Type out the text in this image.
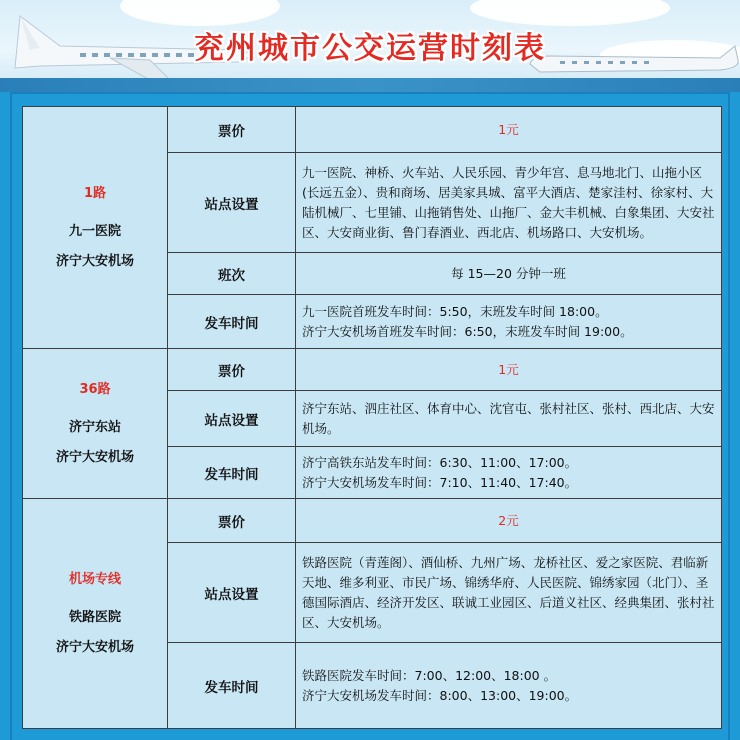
兖州城市公交运营时刻表
1路
九一医院
济宁大安机场	票价	1元
	站点设置	九一医院、神桥、火车站、人民乐园、青少年宫、息马地北门、山拖小区(长远五金）、贵和商场、居美家具城、富平大酒店、楚家洼村、徐家村、大陆机械厂、七里铺、山拖销售处、山拖厂、金大丰机械、白象集团、大安社区、大安商业街、鲁门春酒业、西北店、机场路口、大安机场。
	班次	每 15—20 分钟一班
	发车时间	九一医院首班发车时间：5:50，末班发车时间 18:00。
济宁大安机场首班发车时间：6:50，末班发车时间 19:00。

36路
济宁东站
济宁大安机场	票价	1元
	站点设置	济宁东站、泗庄社区、体育中心、沈官屯、张村社区、张村、西北店、大安机场。
	发车时间	济宁高铁东站发车时间：6:30、11:00、17:00。
济宁大安机场发车时间：7:10、11:40、17:40。

机场专线
铁路医院
济宁大安机场	票价	2元
	站点设置	铁路医院（青莲阁）、酒仙桥、九州广场、龙桥社区、爱之家医院、君临新天地、维多利亚、市民广场、锦绣华府、人民医院、锦绣家园（北门）、圣德国际酒店、经济开发区、联诚工业园区、后道义社区、经典集团、张村社区、大安机场。
	发车时间	铁路医院发车时间：7:00、12:00、18:00 。
济宁大安机场发车时间：8:00、13:00、19:00。
